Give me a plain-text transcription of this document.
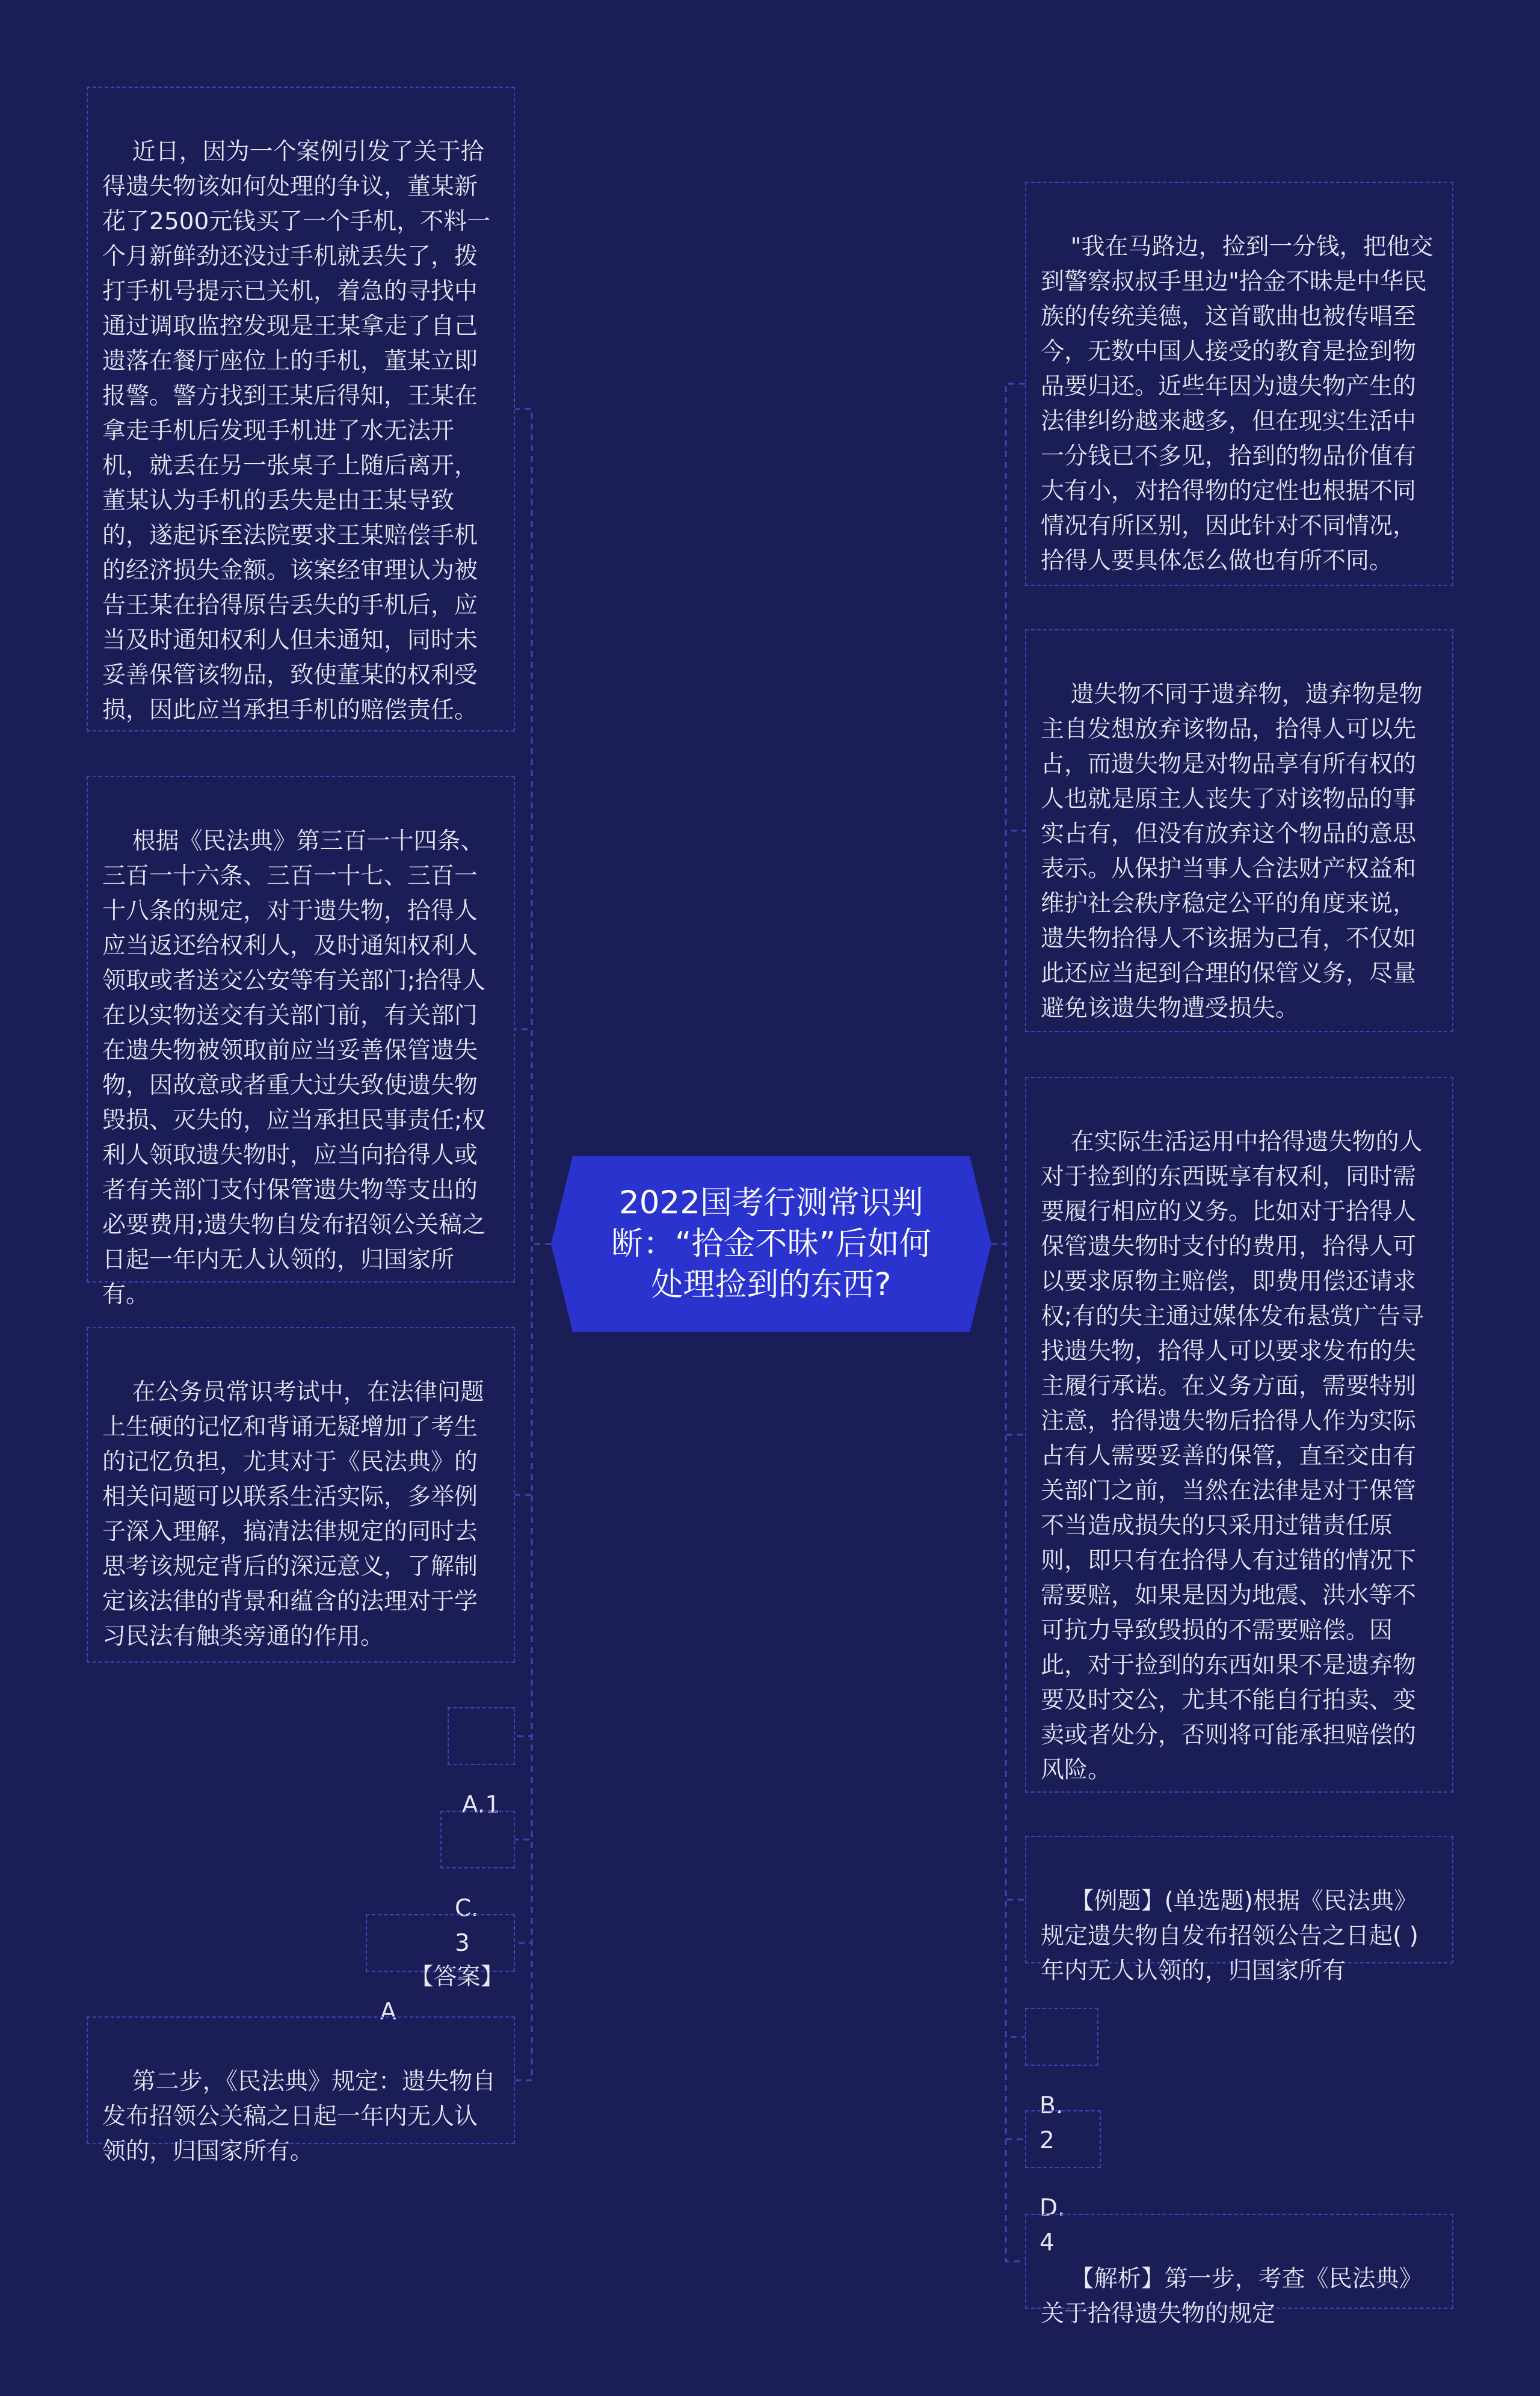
2022国考行测常识判断：“拾金不昧”后如何处理捡到的东西?

近日，因为一个案例引发了关于拾得遗失物该如何处理的争议，董某新花了2500元钱买了一个手机，不料一个月新鲜劲还没过手机就丢失了，拨打手机号提示已关机，着急的寻找中通过调取监控发现是王某拿走了自己遗落在餐厅座位上的手机，董某立即报警。警方找到王某后得知，王某在拿走手机后发现手机进了水无法开机，就丢在另一张桌子上随后离开，董某认为手机的丢失是由王某导致的，遂起诉至法院要求王某赔偿手机的经济损失金额。该案经审理认为被告王某在拾得原告丢失的手机后，应当及时通知权利人但未通知，同时未妥善保管该物品，致使董某的权利受损，因此应当承担手机的赔偿责任。

根据《民法典》第三百一十四条、三百一十六条、三百一十七、三百一十八条的规定，对于遗失物，拾得人应当返还给权利人，及时通知权利人领取或者送交公安等有关部门;拾得人在以实物送交有关部门前，有关部门在遗失物被领取前应当妥善保管遗失物，因故意或者重大过失致使遗失物毁损、灭失的，应当承担民事责任;权利人领取遗失物时，应当向拾得人或者有关部门支付保管遗失物等支出的必要费用;遗失物自发布招领公关稿之日起一年内无人认领的，归国家所有。

在公务员常识考试中，在法律问题上生硬的记忆和背诵无疑增加了考生的记忆负担，尤其对于《民法典》的相关问题可以联系生活实际，多举例子深入理解，搞清法律规定的同时去思考该规定背后的深远意义，了解制定该法律的背景和蕴含的法理对于学习民法有触类旁通的作用。

A.1

C. 3

【答案】A

第二步，《民法典》规定：遗失物自发布招领公关稿之日起一年内无人认领的，归国家所有。

"我在马路边，捡到一分钱，把他交到警察叔叔手里边"拾金不昧是中华民族的传统美德，这首歌曲也被传唱至今，无数中国人接受的教育是捡到物品要归还。近些年因为遗失物产生的法律纠纷越来越多，但在现实生活中一分钱已不多见，拾到的物品价值有大有小，对拾得物的定性也根据不同情况有所区别，因此针对不同情况，拾得人要具体怎么做也有所不同。

遗失物不同于遗弃物，遗弃物是物主自发想放弃该物品，拾得人可以先占，而遗失物是对物品享有所有权的人也就是原主人丧失了对该物品的事实占有，但没有放弃这个物品的意思表示。从保护当事人合法财产权益和维护社会秩序稳定公平的角度来说，遗失物拾得人不该据为己有，不仅如此还应当起到合理的保管义务，尽量避免该遗失物遭受损失。

在实际生活运用中拾得遗失物的人对于捡到的东西既享有权利，同时需要履行相应的义务。比如对于拾得人保管遗失物时支付的费用，拾得人可以要求原物主赔偿，即费用偿还请求权;有的失主通过媒体发布悬赏广告寻找遗失物，拾得人可以要求发布的失主履行承诺。在义务方面，需要特别注意，拾得遗失物后拾得人作为实际占有人需要妥善的保管，直至交由有关部门之前，当然在法律是对于保管不当造成损失的只采用过错责任原则，即只有在拾得人有过错的情况下需要赔，如果是因为地震、洪水等不可抗力导致毁损的不需要赔偿。因此，对于捡到的东西如果不是遗弃物要及时交公，尤其不能自行拍卖、变卖或者处分，否则将可能承担赔偿的风险。

【例题】(单选题)根据《民法典》规定遗失物自发布招领公告之日起( )年内无人认领的，归国家所有

B. 2

D. 4

【解析】第一步，考查《民法典》关于拾得遗失物的规定
